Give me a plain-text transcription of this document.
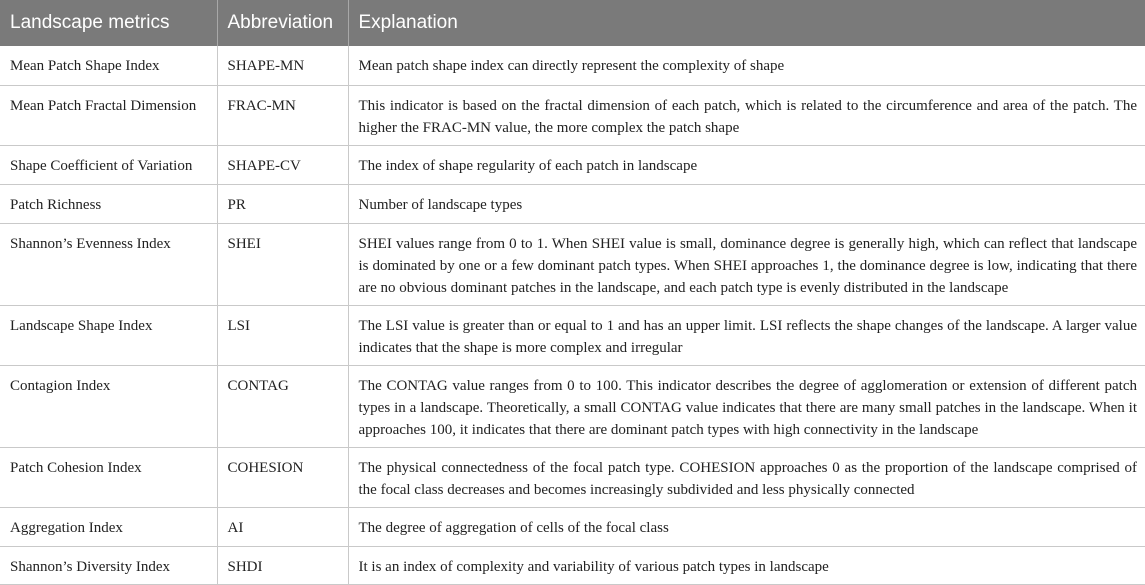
Landscape metrics	Abbreviation	Explanation
Mean Patch Shape Index	SHAPE-MN	Mean patch shape index can directly represent the complexity of shape
Mean Patch Fractal Dimension	FRAC-MN	This indicator is based on the fractal dimension of each patch, which is related to the circumference and area of the patch. The higher the FRAC-MN value, the more complex the patch shape
Shape Coefficient of Variation	SHAPE-CV	The index of shape regularity of each patch in landscape
Patch Richness	PR	Number of landscape types
Shannon’s Evenness Index	SHEI	SHEI values range from 0 to 1. When SHEI value is small, dominance degree is generally high, which can reflect that landscape is dominated by one or a few dominant patch types. When SHEI approaches 1, the dominance degree is low, indicating that there are no obvious dominant patches in the landscape, and each patch type is evenly distributed in the landscape
Landscape Shape Index	LSI	The LSI value is greater than or equal to 1 and has an upper limit. LSI reflects the shape changes of the landscape. A larger value indicates that the shape is more complex and irregular
Contagion Index	CONTAG	The CONTAG value ranges from 0 to 100. This indicator describes the degree of agglomeration or extension of different patch types in a landscape. Theoretically, a small CONTAG value indicates that there are many small patches in the landscape. When it approaches 100, it indicates that there are dominant patch types with high connectivity in the landscape
Patch Cohesion Index	COHESION	The physical connectedness of the focal patch type. COHESION approaches 0 as the proportion of the landscape comprised of the focal class decreases and becomes increasingly subdivided and less physically connected
Aggregation Index	AI	The degree of aggregation of cells of the focal class
Shannon’s Diversity Index	SHDI	It is an index of complexity and variability of various patch types in landscape
